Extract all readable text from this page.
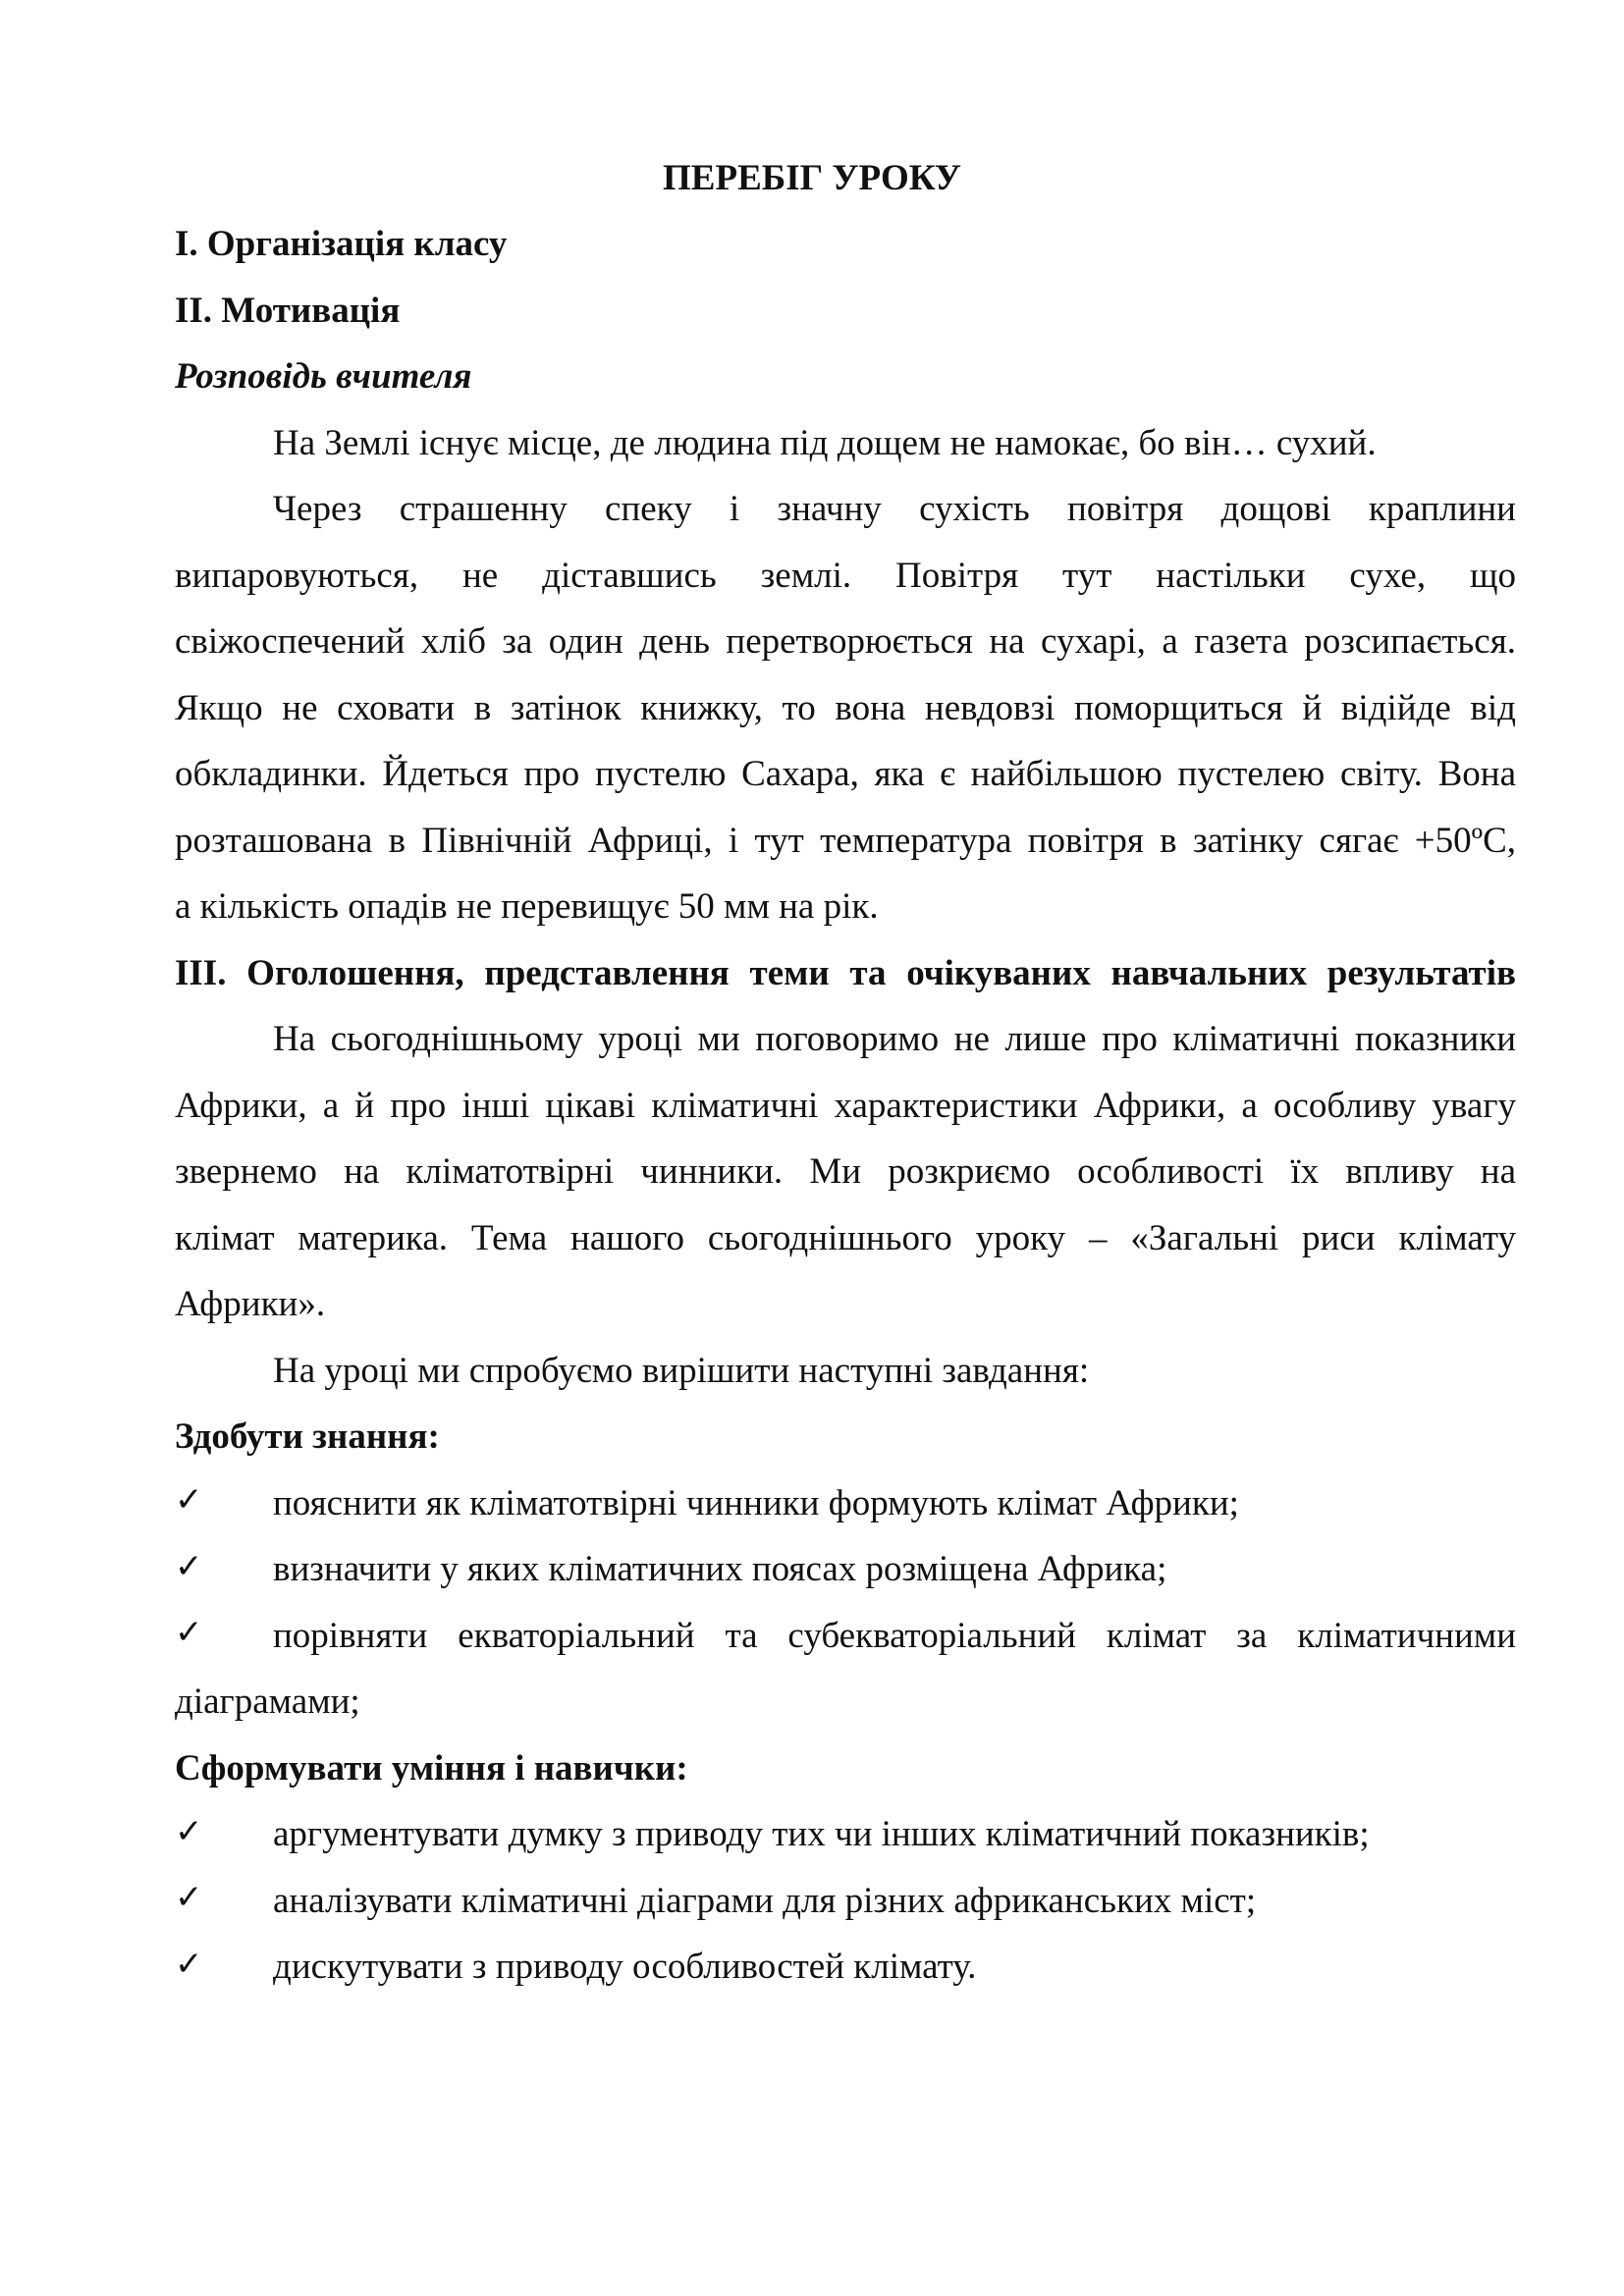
ПЕРЕБІГ УРОКУ

І. Організація класу

ІІ. Мотивація

Розповідь вчителя

На Землі існує місце, де людина під дощем не намокає, бо він… сухий.

Через страшенну спеку і значну сухість повітря дощові краплини

випаровуються, не діставшись землі. Повітря тут настільки сухе, що

свіжоспечений хліб за один день перетворюється на сухарі, а газета розсипається.

Якщо не сховати в затінок книжку, то вона невдовзі поморщиться й відійде від

обкладинки. Йдеться про пустелю Сахара, яка є найбільшою пустелею світу. Вона

розташована в Північній Африці, і тут температура повітря в затінку сягає +50ºС,

а кількість опадів не перевищує 50 мм на рік.

ІІІ. Оголошення, представлення теми та очікуваних навчальних результатів

На сьогоднішньому уроці ми поговоримо не лише про кліматичні показники

Африки, а й про інші цікаві кліматичні характеристики Африки, а особливу увагу

звернемо на кліматотвірні чинники. Ми розкриємо особливості їх впливу на

клімат материка. Тема нашого сьогоднішнього уроку – «Загальні риси клімату

Африки».

На уроці ми спробуємо вирішити наступні завдання:

Здобути знання:

✓ пояснити як кліматотвірні чинники формують клімат Африки;

✓ визначити у яких кліматичних поясах розміщена Африка;

✓ порівняти екваторіальний та субекваторіальний клімат за кліматичними

діаграмами;

Сформувати уміння і навички:

✓ аргументувати думку з приводу тих чи інших кліматичний показників;

✓ аналізувати кліматичні діаграми для різних африканських міст;

✓ дискутувати з приводу особливостей клімату.
